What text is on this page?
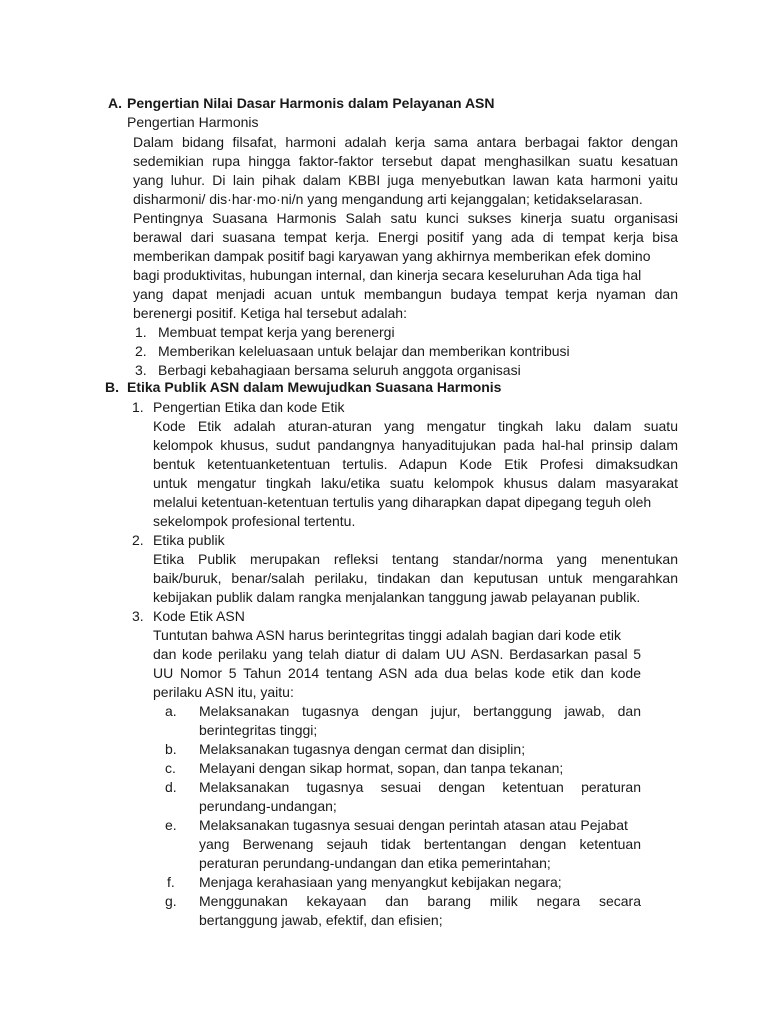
A. Pengertian Nilai Dasar Harmonis dalam Pelayanan ASN
Pengertian Harmonis
Dalam bidang filsafat, harmoni adalah kerja sama antara berbagai faktor dengan
sedemikian rupa hingga faktor-faktor tersebut dapat menghasilkan suatu kesatuan
yang luhur. Di lain pihak dalam KBBI juga menyebutkan lawan kata harmoni yaitu
disharmoni/ dis·har·mo·ni/n yang mengandung arti kejanggalan; ketidakselarasan.
Pentingnya Suasana Harmonis Salah satu kunci sukses kinerja suatu organisasi
berawal dari suasana tempat kerja. Energi positif yang ada di tempat kerja bisa
memberikan dampak positif bagi karyawan yang akhirnya memberikan efek domino
bagi produktivitas, hubungan internal, dan kinerja secara keseluruhan Ada tiga hal
yang dapat menjadi acuan untuk membangun budaya tempat kerja nyaman dan
berenergi positif. Ketiga hal tersebut adalah:
1. Membuat tempat kerja yang berenergi
2. Memberikan keleluasaan untuk belajar dan memberikan kontribusi
3. Berbagi kebahagiaan bersama seluruh anggota organisasi
B. Etika Publik ASN dalam Mewujudkan Suasana Harmonis
1. Pengertian Etika dan kode Etik
Kode Etik adalah aturan-aturan yang mengatur tingkah laku dalam suatu
kelompok khusus, sudut pandangnya hanyaditujukan pada hal-hal prinsip dalam
bentuk ketentuanketentuan tertulis. Adapun Kode Etik Profesi dimaksudkan
untuk mengatur tingkah laku/etika suatu kelompok khusus dalam masyarakat
melalui ketentuan-ketentuan tertulis yang diharapkan dapat dipegang teguh oleh
sekelompok profesional tertentu.
2. Etika publik
Etika Publik merupakan refleksi tentang standar/norma yang menentukan
baik/buruk, benar/salah perilaku, tindakan dan keputusan untuk mengarahkan
kebijakan publik dalam rangka menjalankan tanggung jawab pelayanan publik.
3. Kode Etik ASN
Tuntutan bahwa ASN harus berintegritas tinggi adalah bagian dari kode etik
dan kode perilaku yang telah diatur di dalam UU ASN. Berdasarkan pasal 5
UU Nomor 5 Tahun 2014 tentang ASN ada dua belas kode etik dan kode
perilaku ASN itu, yaitu:
a. Melaksanakan tugasnya dengan jujur, bertanggung jawab, dan
berintegritas tinggi;
b. Melaksanakan tugasnya dengan cermat dan disiplin;
c. Melayani dengan sikap hormat, sopan, dan tanpa tekanan;
d. Melaksanakan tugasnya sesuai dengan ketentuan peraturan
perundang-undangan;
e. Melaksanakan tugasnya sesuai dengan perintah atasan atau Pejabat
yang Berwenang sejauh tidak bertentangan dengan ketentuan
peraturan perundang-undangan dan etika pemerintahan;
f. Menjaga kerahasiaan yang menyangkut kebijakan negara;
g. Menggunakan kekayaan dan barang milik negara secara
bertanggung jawab, efektif, dan efisien;
